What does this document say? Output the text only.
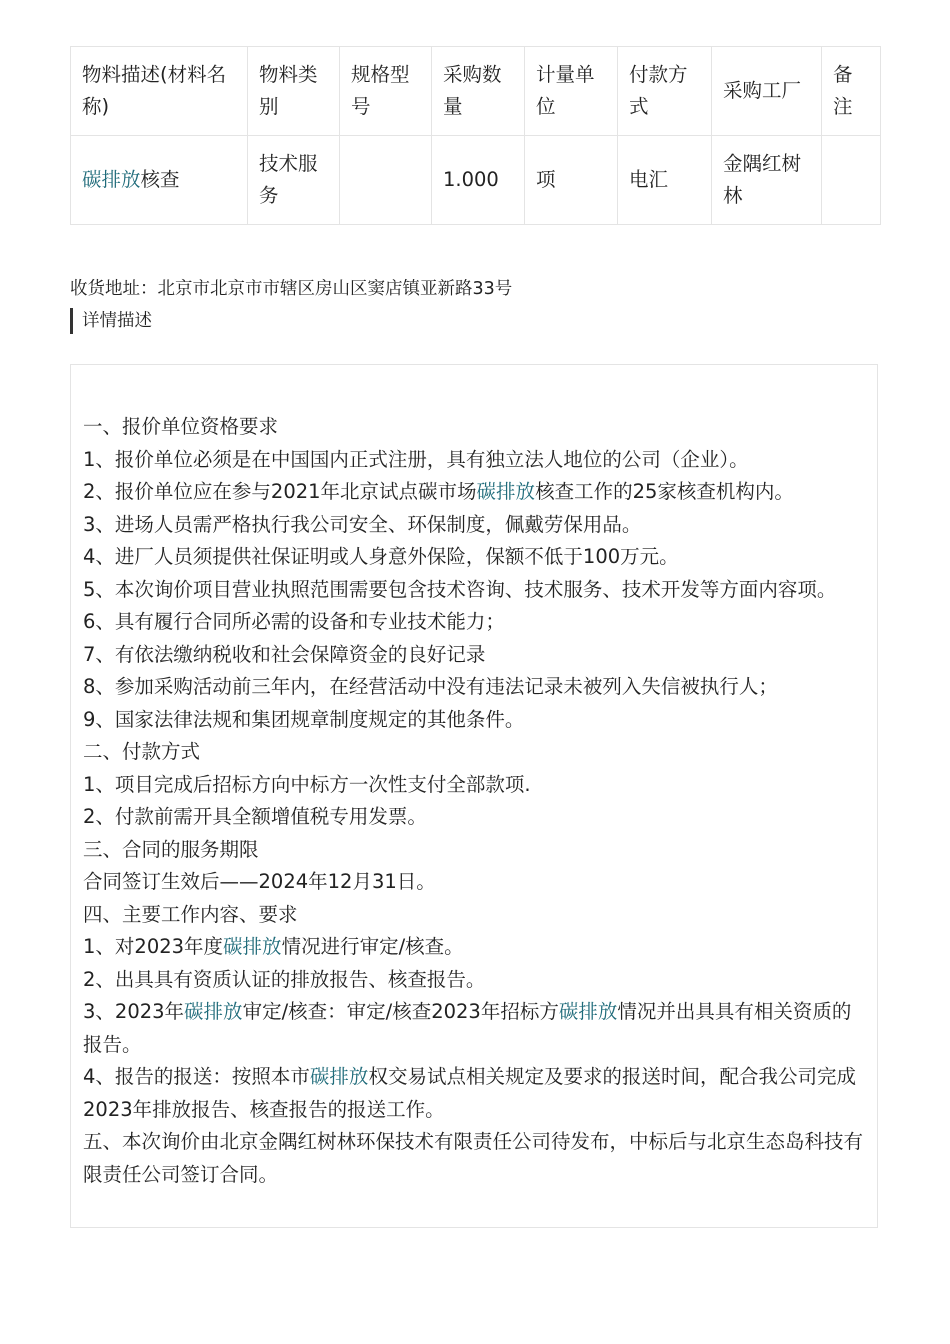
物料描述(材料名称)	物料类别	规格型号	采购数量	计量单位	付款方式	采购工厂	备注
碳排放核查	技术服务		1.000	项	电汇	金隅红树林	
收货地址：北京市北京市市辖区房山区窦店镇亚新路33号
详情描述

一、报价单位资格要求

1、报价单位必须是在中国国内正式注册，具有独立法人地位的公司（企业）。

2、报价单位应在参与2021年北京试点碳市场碳排放核查工作的25家核查机构内。

3、进场人员需严格执行我公司安全、环保制度，佩戴劳保用品。

4、进厂人员须提供社保证明或人身意外保险，保额不低于100万元。

5、本次询价项目营业执照范围需要包含技术咨询、技术服务、技术开发等方面内容项。

6、具有履行合同所必需的设备和专业技术能力；

7、有依法缴纳税收和社会保障资金的良好记录

8、参加采购活动前三年内，在经营活动中没有违法记录未被列入失信被执行人；

9、国家法律法规和集团规章制度规定的其他条件。

二、付款方式

1、项目完成后招标方向中标方一次性支付全部款项.

2、付款前需开具全额增值税专用发票。

三、合同的服务期限

合同签订生效后——2024年12月31日。

四、主要工作内容、要求

1、对2023年度碳排放情况进行审定/核查。

2、出具具有资质认证的排放报告、核查报告。

3、2023年碳排放审定/核查：审定/核查2023年招标方碳排放情况并出具具有相关资质的报告。

4、报告的报送：按照本市碳排放权交易试点相关规定及要求的报送时间，配合我公司完成2023年排放报告、核查报告的报送工作。

五、本次询价由北京金隅红树林环保技术有限责任公司待发布，中标后与北京生态岛科技有限责任公司签订合同。
